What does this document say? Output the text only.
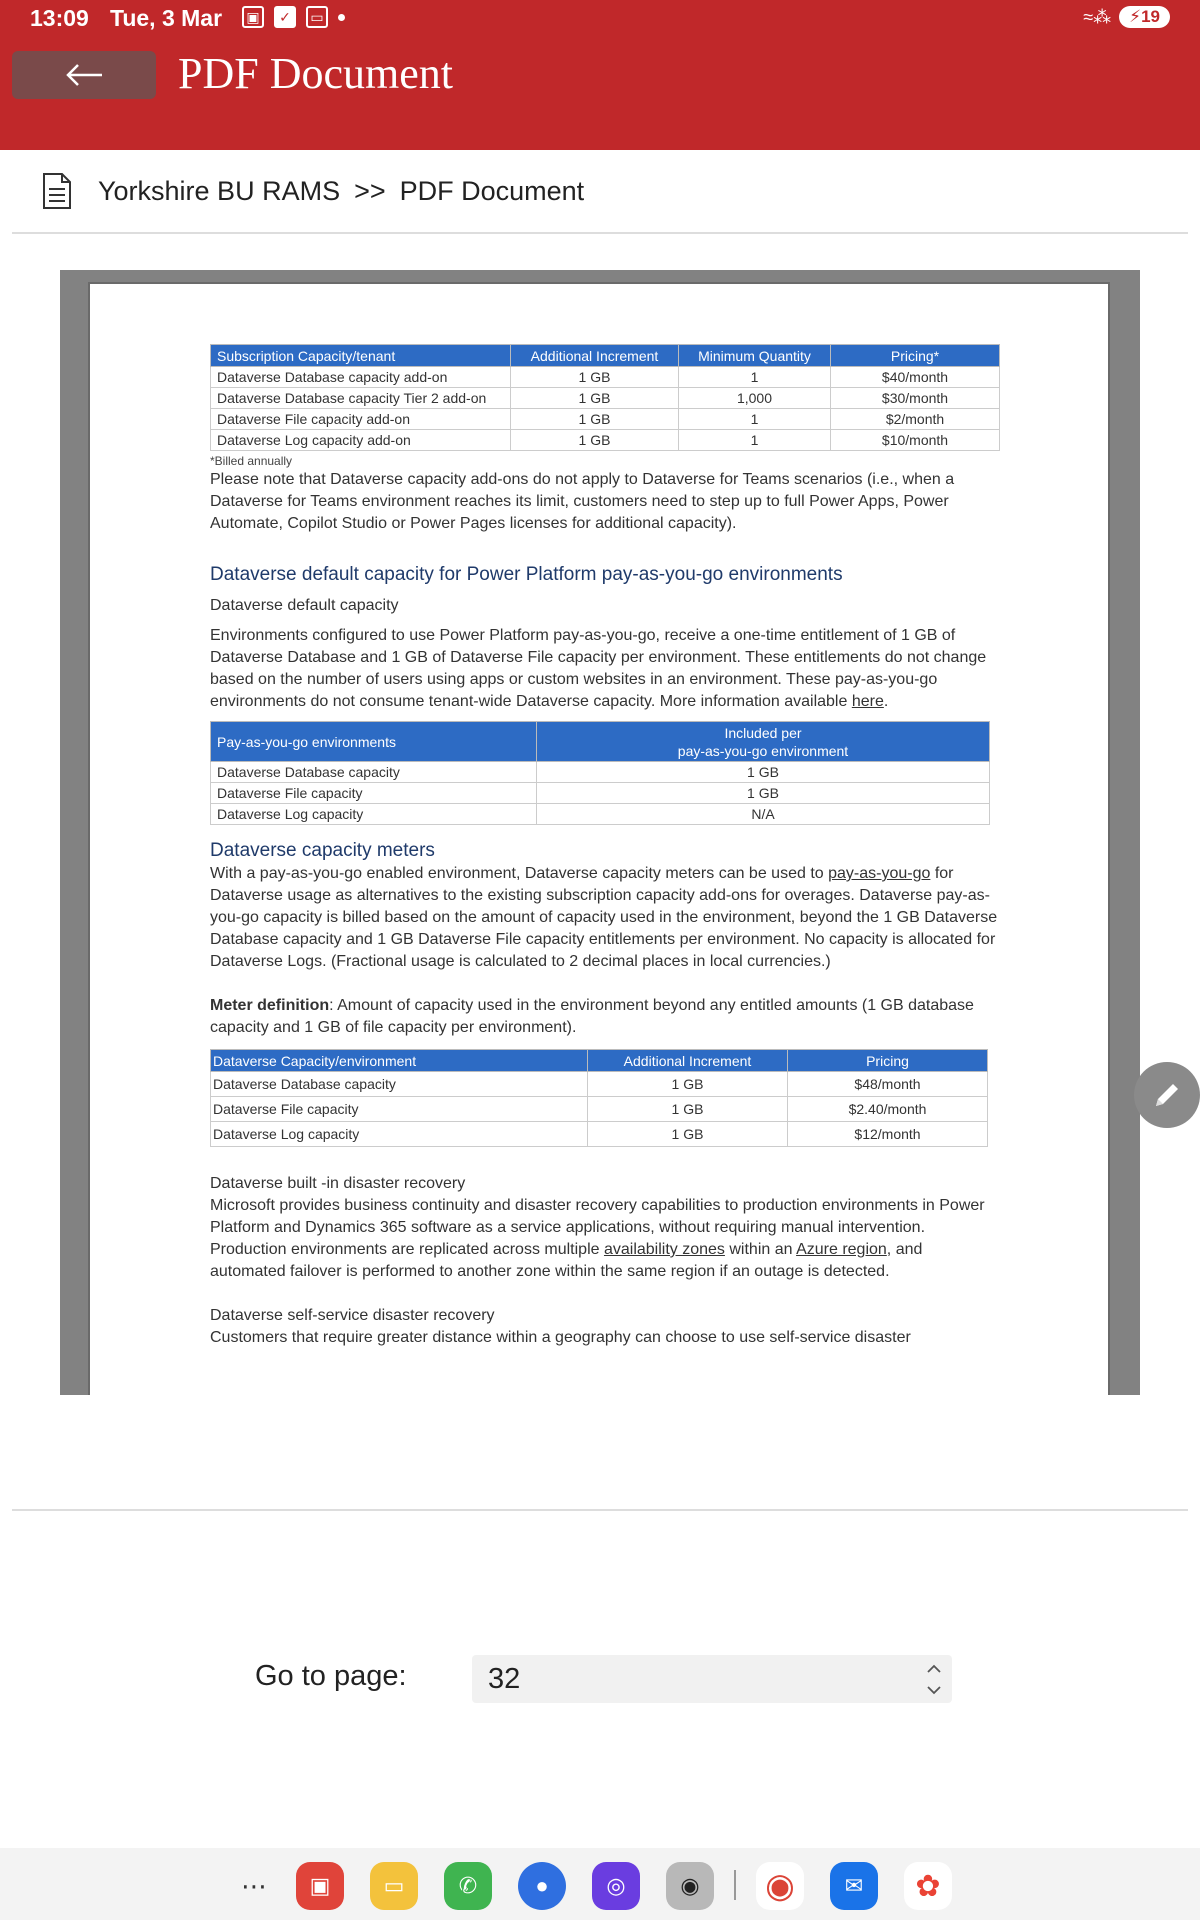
13:09 Tue, 3 Mar	▣	✓	▭	≈⁂	⚡19
PDF Document
Yorkshire BU RAMS >> PDF Document
Subscription Capacity/tenant	Additional Increment	Minimum Quantity	Pricing*
Dataverse Database capacity add-on	1 GB	1	$40/month
Dataverse Database capacity Tier 2 add-on	1 GB	1,000	$30/month
Dataverse File capacity add-on	1 GB	1	$2/month
Dataverse Log capacity add-on	1 GB	1	$10/month
*Billed annually
Please note that Dataverse capacity add-ons do not apply to Dataverse for Teams scenarios (i.e., when a Dataverse for Teams environment reaches its limit, customers need to step up to full Power Apps, Power Automate, Copilot Studio or Power Pages licenses for additional capacity).
Dataverse default capacity for Power Platform pay-as-you-go environments
Dataverse default capacity
Environments configured to use Power Platform pay-as-you-go, receive a one-time entitlement of 1 GB of Dataverse Database and 1 GB of Dataverse File capacity per environment. These entitlements do not change based on the number of users using apps or custom websites in an environment. These pay-as-you-go environments do not consume tenant-wide Dataverse capacity. More information available here.
Pay-as-you-go environments	Included per
pay-as-you-go environment
Dataverse Database capacity	1 GB
Dataverse File capacity	1 GB
Dataverse Log capacity	N/A
Dataverse capacity meters
With a pay-as-you-go enabled environment, Dataverse capacity meters can be used to pay-as-you-go for Dataverse usage as alternatives to the existing subscription capacity add-ons for overages. Dataverse pay-as-you-go capacity is billed based on the amount of capacity used in the environment, beyond the 1 GB Dataverse Database capacity and 1 GB Dataverse File capacity entitlements per environment. No capacity is allocated for Dataverse Logs. (Fractional usage is calculated to 2 decimal places in local currencies.)
Meter definition: Amount of capacity used in the environment beyond any entitled amounts (1 GB database capacity and 1 GB of file capacity per environment).
Dataverse Capacity/environment	Additional Increment	Pricing
Dataverse Database capacity	1 GB	$48/month
Dataverse File capacity	1 GB	$2.40/month
Dataverse Log capacity	1 GB	$12/month
Dataverse built -in disaster recovery
Microsoft provides business continuity and disaster recovery capabilities to production environments in Power Platform and Dynamics 365 software as a service applications, without requiring manual intervention. Production environments are replicated across multiple availability zones within an Azure region, and automated failover is performed to another zone within the same region if an outage is detected.
Dataverse self-service disaster recovery
Customers that require greater distance within a geography can choose to use self-service disaster
Go to page:
32
⋯	▣	▭	✆	●	◎	◉	◉	✉	✿
